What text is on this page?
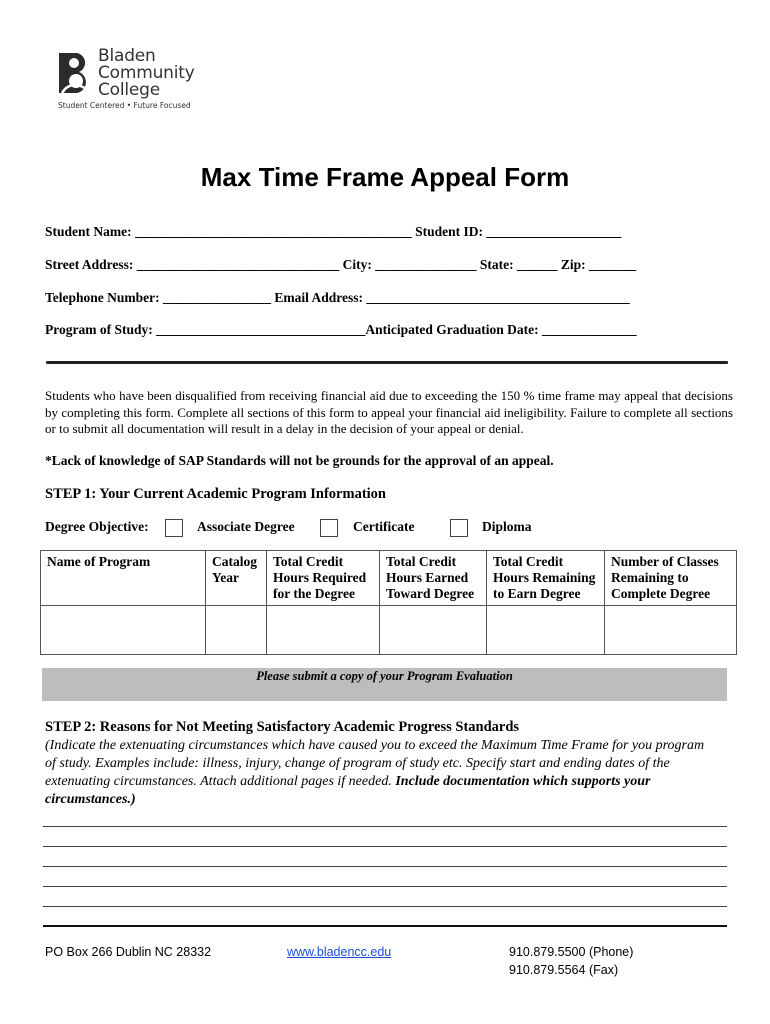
Bladen
Community
College
Student Centered • Future Focused
Max Time Frame Appeal Form
Student Name: _________________________________________ Student ID: ____________________
Street Address: ______________________________ City: _______________ State: ______ Zip: _______
Telephone Number: ________________ Email Address: _______________________________________
Program of Study: _______________________________Anticipated Graduation Date: ______________
Students who have been disqualified from receiving financial aid due to exceeding the 150 % time frame may appeal that decisions by completing this form. Complete all sections of this form to appeal your financial aid ineligibility. Failure to complete all sections or to submit all documentation will result in a delay in the decision of your appeal or denial.
*Lack of knowledge of SAP Standards will not be grounds for the approval of an appeal.
STEP 1: Your Current Academic Program Information
Degree Objective:	Associate Degree	Certificate	Diploma
Name of Program	Catalog Year	Total Credit Hours Required for the Degree	Total Credit Hours Earned Toward Degree	Total Credit Hours Remaining to Earn Degree	Number of Classes Remaining to Complete Degree

Please submit a copy of your Program Evaluation
STEP 2: Reasons for Not Meeting Satisfactory Academic Progress Standards
(Indicate the extenuating circumstances which have caused you to exceed the Maximum Time Frame for you program of study. Examples include: illness, injury, change of program of study etc. Specify start and ending dates of the extenuating circumstances. Attach additional pages if needed. Include documentation which supports your circumstances.)
PO Box 266 Dublin NC 28332	www.bladencc.edu	910.879.5500 (Phone)
910.879.5564 (Fax)
